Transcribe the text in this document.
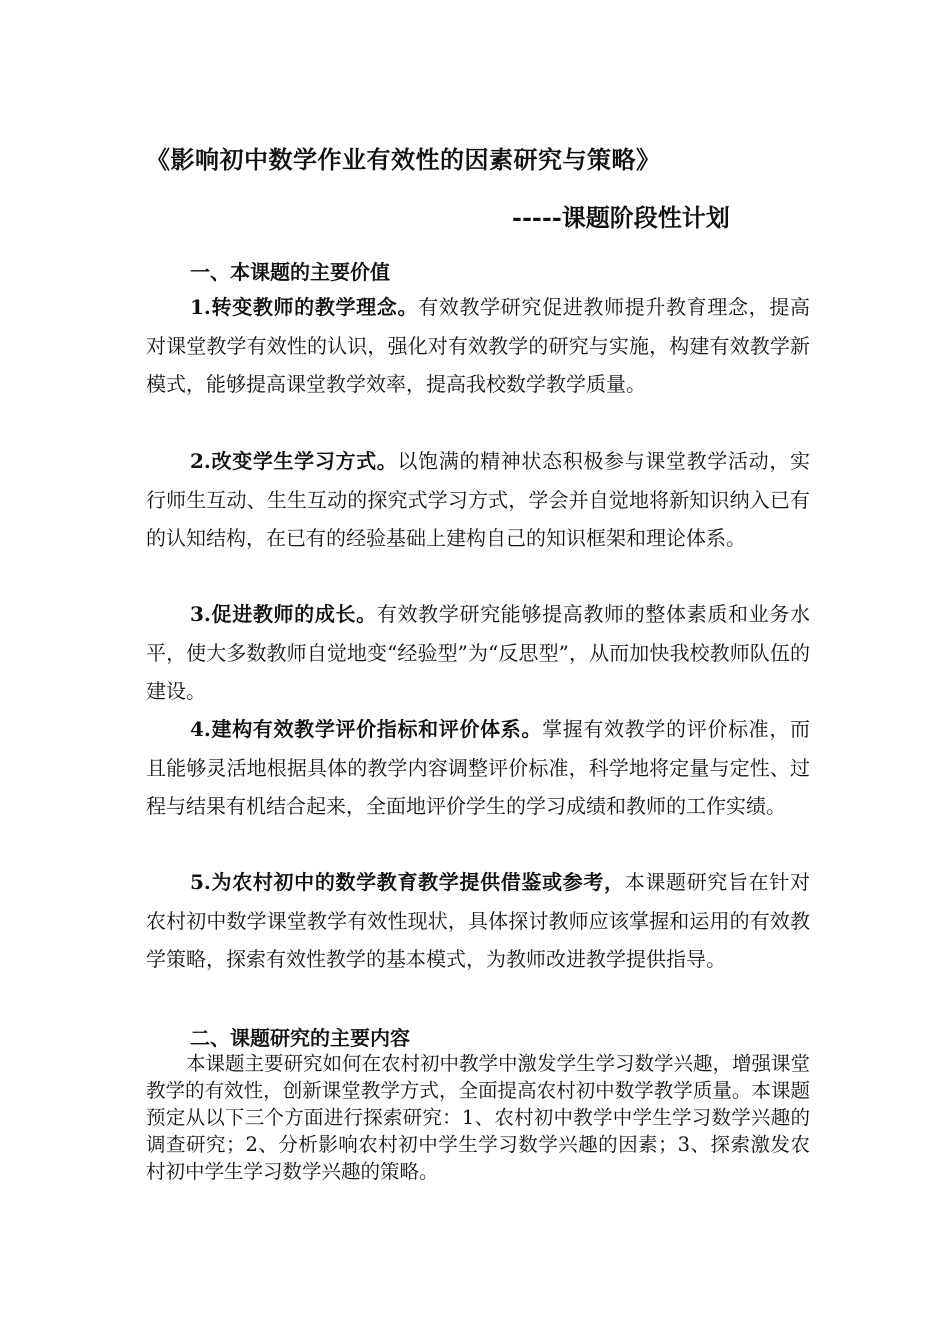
《影响初中数学作业有效性的因素研究与策略》
-----课题阶段性计划
一、本课题的主要价值

1.转变教师的教学理念。有效教学研究促进教师提升教育理念，提高对课堂教学有效性的认识，强化对有效教学的研究与实施，构建有效教学新模式，能够提高课堂教学效率，提高我校数学教学质量。

2.改变学生学习方式。以饱满的精神状态积极参与课堂教学活动，实行师生互动、生生互动的探究式学习方式，学会并自觉地将新知识纳入已有的认知结构，在已有的经验基础上建构自己的知识框架和理论体系。

3.促进教师的成长。有效教学研究能够提高教师的整体素质和业务水平，使大多数教师自觉地变“经验型”为“反思型”，从而加快我校教师队伍的建设。

4.建构有效教学评价指标和评价体系。掌握有效教学的评价标准，而且能够灵活地根据具体的教学内容调整评价标准，科学地将定量与定性、过程与结果有机结合起来，全面地评价学生的学习成绩和教师的工作实绩。

5.为农村初中的数学教育教学提供借鉴或参考，本课题研究旨在针对农村初中数学课堂教学有效性现状，具体探讨教师应该掌握和运用的有效教学策略，探索有效性教学的基本模式，为教师改进教学提供指导。

二、课题研究的主要内容

本课题主要研究如何在农村初中教学中激发学生学习数学兴趣，增强课堂教学的有效性，创新课堂教学方式，全面提高农村初中数学教学质量。本课题预定从以下三个方面进行探索研究：1、农村初中教学中学生学习数学兴趣的调查研究；2、分析影响农村初中学生学习数学兴趣的因素；3、探索激发农村初中学生学习数学兴趣的策略。
